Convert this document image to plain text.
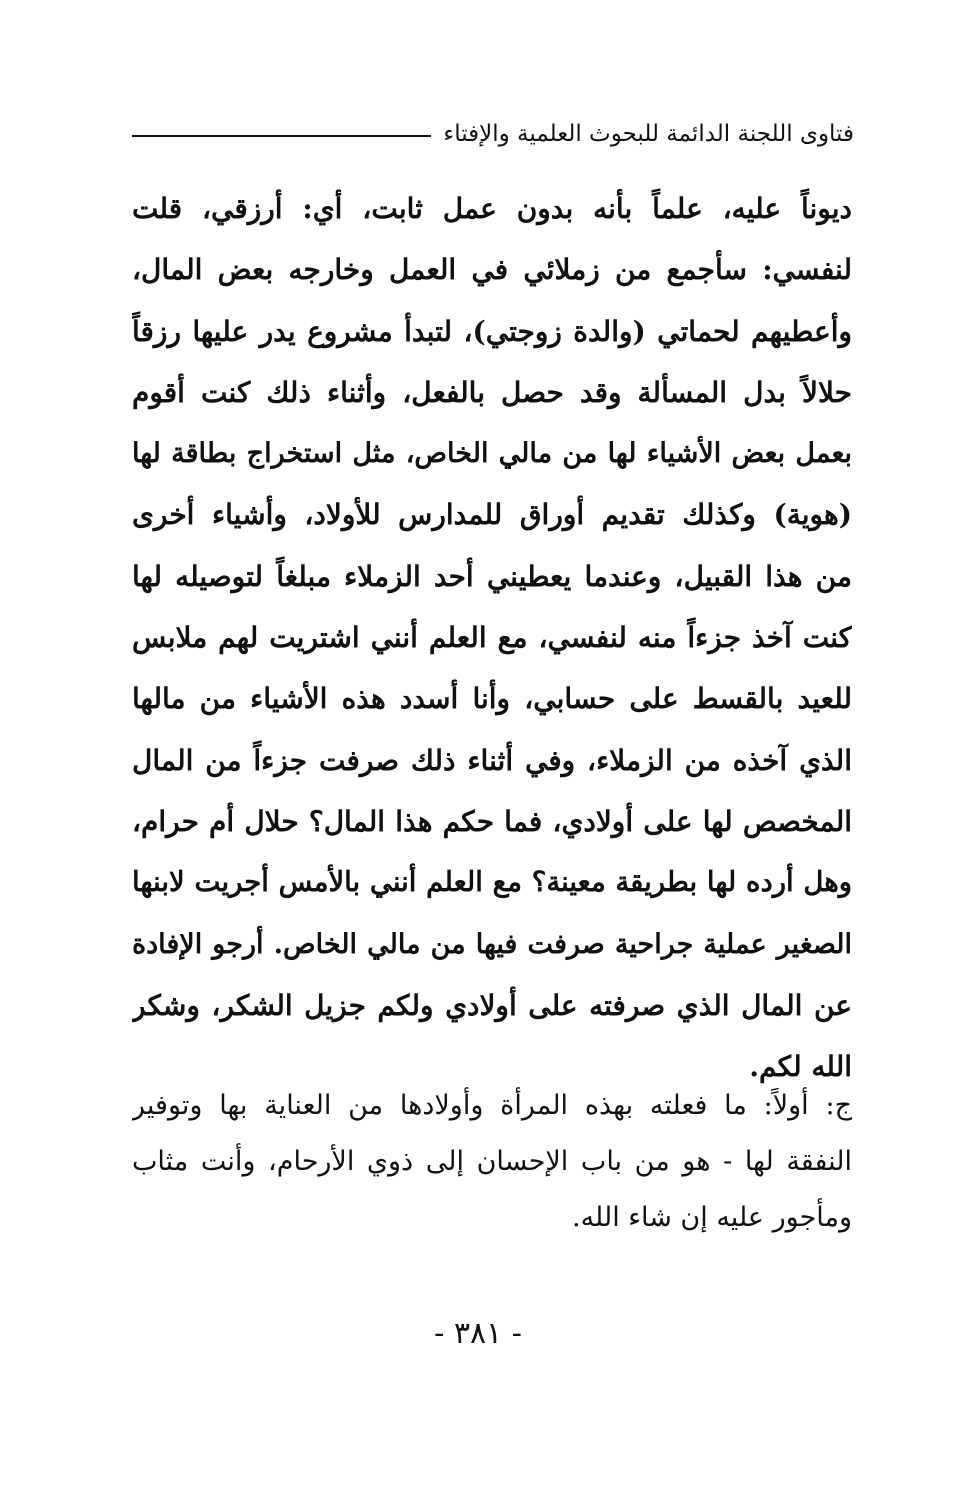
فتاوى اللجنة الدائمة للبحوث العلمية والإفتاء
ديوناً عليه، علماً بأنه بدون عمل ثابت، أي: أرزقي، قلت
لنفسي: سأجمع من زملائي في العمل وخارجه بعض المال،
وأعطيهم لحماتي (والدة زوجتي)، لتبدأ مشروع يدر عليها رزقاً
حلالاً بدل المسألة وقد حصل بالفعل، وأثناء ذلك كنت أقوم
بعمل بعض الأشياء لها من مالي الخاص، مثل استخراج بطاقة لها
(هوية) وكذلك تقديم أوراق للمدارس للأولاد، وأشياء أخرى
من هذا القبيل، وعندما يعطيني أحد الزملاء مبلغاً لتوصيله لها
كنت آخذ جزءاً منه لنفسي، مع العلم أنني اشتريت لهم ملابس
للعيد بالقسط على حسابي، وأنا أسدد هذه الأشياء من مالها
الذي آخذه من الزملاء، وفي أثناء ذلك صرفت جزءاً من المال
المخصص لها على أولادي، فما حكم هذا المال؟ حلال أم حرام،
وهل أرده لها بطريقة معينة؟ مع العلم أنني بالأمس أجريت لابنها
الصغير عملية جراحية صرفت فيها من مالي الخاص. أرجو الإفادة
عن المال الذي صرفته على أولادي ولكم جزيل الشكر، وشكر
الله لكم.
ج: أولاً: ما فعلته بهذه المرأة وأولادها من العناية بها وتوفير
النفقة لها - هو من باب الإحسان إلى ذوي الأرحام، وأنت مثاب
ومأجور عليه إن شاء الله.
- ٣٨١ -
